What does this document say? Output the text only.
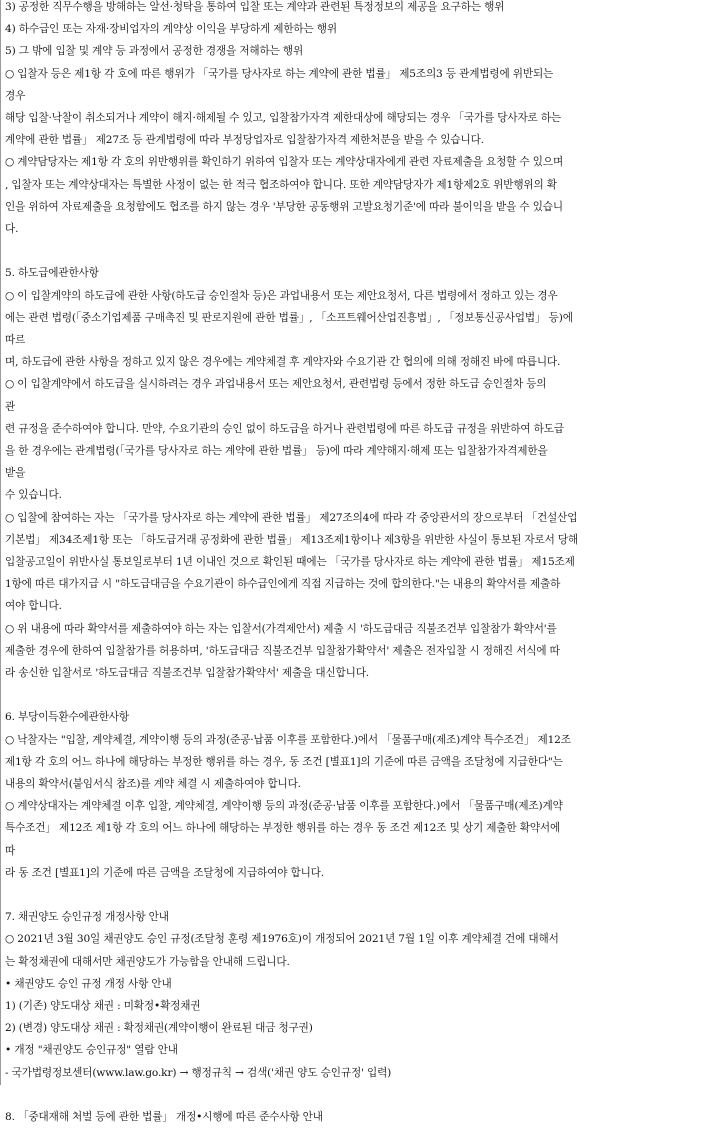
3) 공정한 직무수행을 방해하는 알선·청탁을 통하여 입찰 또는 계약과 관련된 특정정보의 제공을 요구하는 행위
4) 하수급인 또는 자재·장비업자의 계약상 이익을 부당하게 제한하는 행위
5) 그 밖에 입찰 및 계약 등 과정에서 공정한 경쟁을 저해하는 행위
○ 입찰자 등은 제1항 각 호에 따른 행위가 「국가를 당사자로 하는 계약에 관한 법률」 제5조의3 등 관계법령에 위반되는
경우
해당 입찰·낙찰이 취소되거나 계약이 해지·해제될 수 있고, 입찰참가자격 제한대상에 해당되는 경우 「국가를 당사자로 하는
계약에 관한 법률」 제27조 등 관계법령에 따라 부정당업자로 입찰참가자격 제한처분을 받을 수 있습니다.
○ 계약담당자는 제1항 각 호의 위반행위를 확인하기 위하여 입찰자 또는 계약상대자에게 관련 자료제출을 요청할 수 있으며
, 입찰자 또는 계약상대자는 특별한 사정이 없는 한 적극 협조하여야 합니다. 또한 계약담당자가 제1항제2호 위반행위의 확
인을 위하여 자료제출을 요청함에도 협조를 하지 않는 경우 '부당한 공동행위 고발요청기준'에 따라 불이익을 받을 수 있습니
다.
5. 하도급에관한사항
○ 이 입찰계약의 하도급에 관한 사항(하도급 승인절차 등)은 과업내용서 또는 제안요청서, 다른 법령에서 정하고 있는 경우
에는 관련 법령(「중소기업제품 구매촉진 및 판로지원에 관한 법률」, 「소프트웨어산업진흥법」, 「정보통신공사업법」 등)에
따르
며, 하도급에 관한 사항을 정하고 있지 않은 경우에는 계약체결 후 계약자와 수요기관 간 협의에 의해 정해진 바에 따릅니다.
○ 이 입찰계약에서 하도급을 실시하려는 경우 과업내용서 또는 제안요청서, 관련법령 등에서 정한 하도급 승인절차 등의
관
련 규정을 준수하여야 합니다. 만약, 수요기관의 승인 없이 하도급을 하거나 관련법령에 따른 하도급 규정을 위반하여 하도급
을 한 경우에는 관계법령(「국가를 당사자로 하는 계약에 관한 법률」 등)에 따라 계약해지·해제 또는 입찰참가자격제한을
받을
수 있습니다.
○ 입찰에 참여하는 자는 「국가를 당사자로 하는 계약에 관한 법률」 제27조의4에 따라 각 중앙관서의 장으로부터 「건설산업
기본법」 제34조제1항 또는 「하도급거래 공정화에 관한 법률」 제13조제1항이나 제3항을 위반한 사실이 통보된 자로서 당해
입찰공고일이 위반사실 통보일로부터 1년 이내인 것으로 확인된 때에는 「국가를 당사자로 하는 계약에 관한 법률」 제15조제
1항에 따른 대가지급 시 "하도급대금을 수요기관이 하수급인에게 직접 지급하는 것에 합의한다."는 내용의 확약서를 제출하
여야 합니다.
○ 위 내용에 따라 확약서를 제출하여야 하는 자는 입찰서(가격제안서) 제출 시 '하도급대금 직불조건부 입찰참가 확약서'를
제출한 경우에 한하여 입찰참가를 허용하며, '하도급대금 직불조건부 입찰참가확약서' 제출은 전자입찰 시 정해진 서식에 따
라 송신한 입찰서로 '하도급대금 직불조건부 입찰참가확약서' 제출을 대신합니다.
6. 부당이득환수에관한사항
○ 낙찰자는 "입찰, 계약체결, 계약이행 등의 과정(준공·납품 이후를 포함한다.)에서 「물품구매(제조)계약 특수조건」 제12조
제1항 각 호의 어느 하나에 해당하는 부정한 행위를 하는 경우, 동 조건 [별표1]의 기준에 따른 금액을 조달청에 지급한다"는
내용의 확약서(붙임서식 참조)를 계약 체결 시 제출하여야 합니다.
○ 계약상대자는 계약체결 이후 입찰, 계약체결, 계약이행 등의 과정(준공·납품 이후를 포함한다.)에서 「물품구매(제조)계약
특수조건」 제12조 제1항 각 호의 어느 하나에 해당하는 부정한 행위를 하는 경우 동 조건 제12조 및 상기 제출한 확약서에
따
라 동 조건 [별표1]의 기준에 따른 금액을 조달청에 지급하여야 합니다.
7. 채권양도 승인규정 개정사항 안내
○ 2021년 3월 30일 채권양도 승인 규정(조달청 훈령 제1976호)이 개정되어 2021년 7월 1일 이후 계약체결 건에 대해서
는 확정채권에 대해서만 채권양도가 가능함을 안내해 드립니다.
• 채권양도 승인 규정 개정 사항 안내
1) (기존) 양도대상 채권 : 미확정•확정채권
2) (변경) 양도대상 채권 : 확정채권(계약이행이 완료된 대금 청구권)
• 개정 "채권양도 승인규정" 열람 안내
- 국가법령정보센터(www.law.go.kr) → 행정규칙 → 검색('채권 양도 승인규정' 입력)
8. 「중대재해 처벌 등에 관한 법률」 개정•시행에 따른 준수사항 안내
